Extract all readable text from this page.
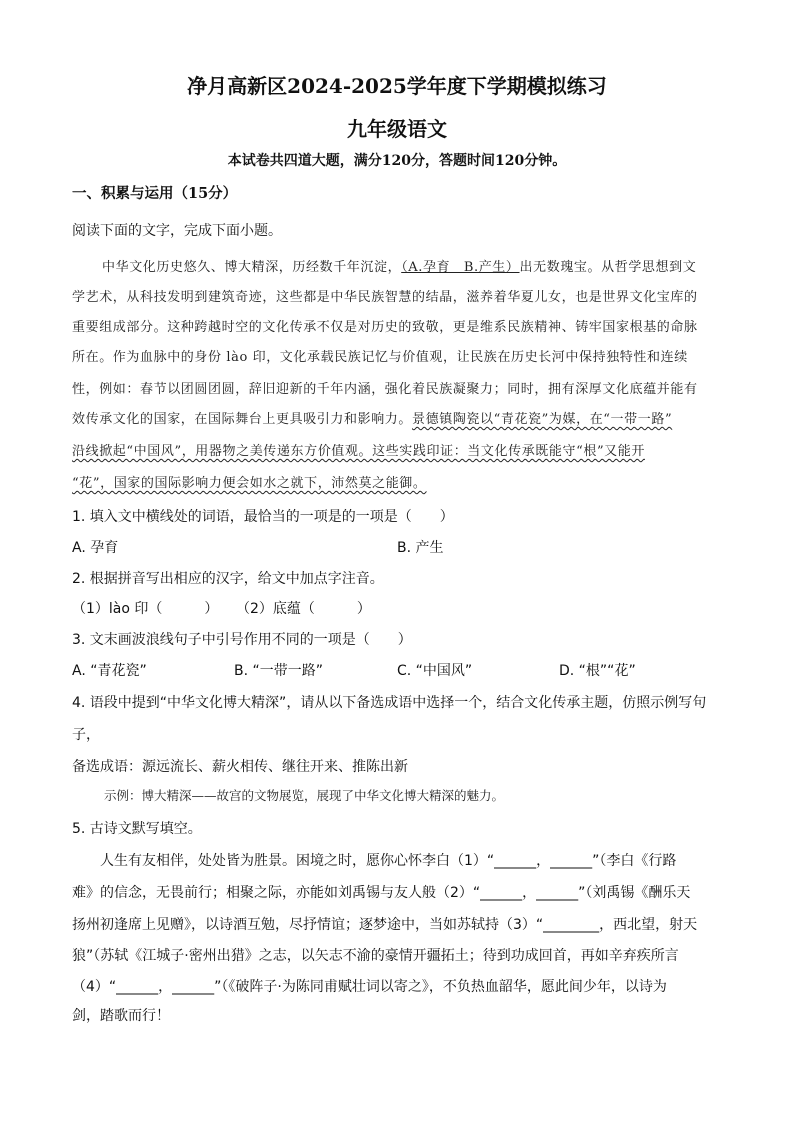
净月高新区2024-2025学年度下学期模拟练习
九年级语文
本试卷共四道大题，满分120分，答题时间120分钟。
一、积累与运用（15分）
阅读下面的文字，完成下面小题。
中华文化历史悠久、博大精深，历经数千年沉淀，（A.孕育　B.产生）出无数瑰宝。从哲学思想到文
学艺术，从科技发明到建筑奇迹，这些都是中华民族智慧的结晶，滋养着华夏儿女，也是世界文化宝库的
重要组成部分。这种跨越时空的文化传承不仅是对历史的致敬，更是维系民族精神、铸牢国家根基的命脉
所在。作为血脉中的身份 lào 印，文化承载民族记忆与价值观，让民族在历史长河中保持独特性和连续
性，例如：春节以团圆团圆，辞旧迎新的千年内涵，强化着民族凝聚力；同时，拥有深厚文化底蕴并能有
效传承文化的国家，在国际舞台上更具吸引力和影响力。景德镇陶瓷以“青花瓷”为媒，在“一带一路”
沿线掀起“中国风”，用器物之美传递东方价值观。这些实践印证：当文化传承既能守“根”又能开
“花”，国家的国际影响力便会如水之就下，沛然莫之能御。
1. 填入文中横线处的词语，最恰当的一项是的一项是（　　）
A. 孕育	B. 产生
2. 根据拼音写出相应的汉字，给文中加点字注音。
（1）lào 印（　　　） （2）底蕴（　　　）
3. 文末画波浪线句子中引号作用不同的一项是（　　）
A. “青花瓷”	B. “一带一路”	C. “中国风”	D. “根”“花”
4. 语段中提到“中华文化博大精深”，请从以下备选成语中选择一个，结合文化传承主题，仿照示例写句
子，
备选成语：源远流长、薪火相传、继往开来、推陈出新
示例：博大精深——故宫的文物展览，展现了中华文化博大精深的魅力。
5. 古诗文默写填空。
　　人生有友相伴，处处皆为胜景。困境之时，愿你心怀李白（1）“______，______”（李白《行路
难》的信念，无畏前行；相聚之际，亦能如刘禹锡与友人般（2）“______，______”（刘禹锡《酬乐天
扬州初逢席上见赠》，以诗酒互勉，尽抒情谊；逐梦途中，当如苏轼持（3）“________，西北望，射天
狼”（苏轼《江城子·密州出猎》之志，以矢志不渝的豪情开疆拓土；待到功成回首，再如辛弃疾所言
（4）“______，______”（《破阵子·为陈同甫赋壮词以寄之》，不负热血韶华，愿此间少年，以诗为
剑，踏歌而行！
